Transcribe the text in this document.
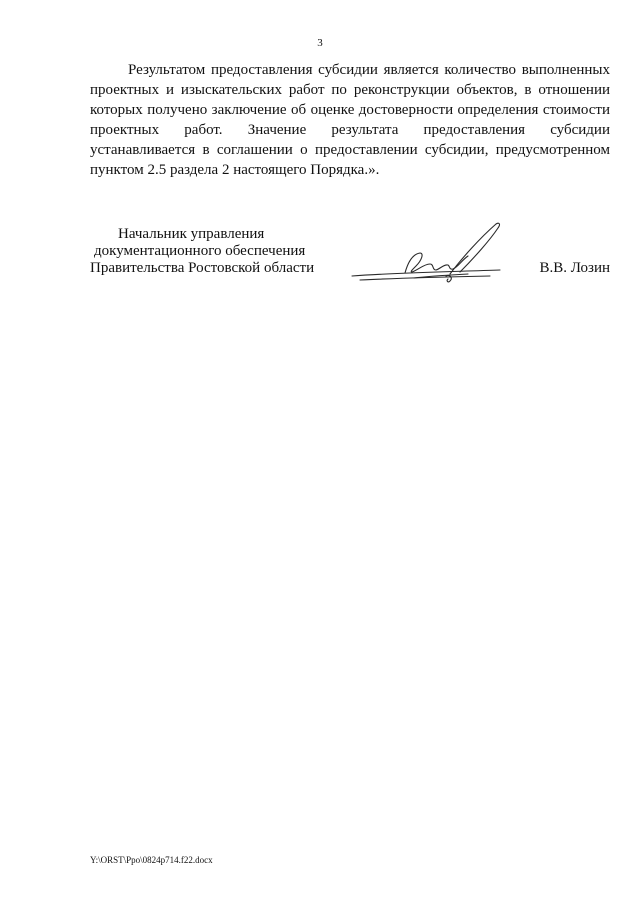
3

Результатом предоставления субсидии является количество выполненных проектных и изыскательских работ по реконструкции объектов, в отношении которых получено заключение об оценке достоверности определения стоимости проектных работ. Значение результата предоставления субсидии устанавливается в соглашении о предоставлении субсидии, предусмотренном пунктом 2.5 раздела 2 настоящего Порядка.».

Начальник управления
документационного обеспечения
Правительства Ростовской области	В.В. Лозин
Y:\ORST\Ppo\0824p714.f22.docx
